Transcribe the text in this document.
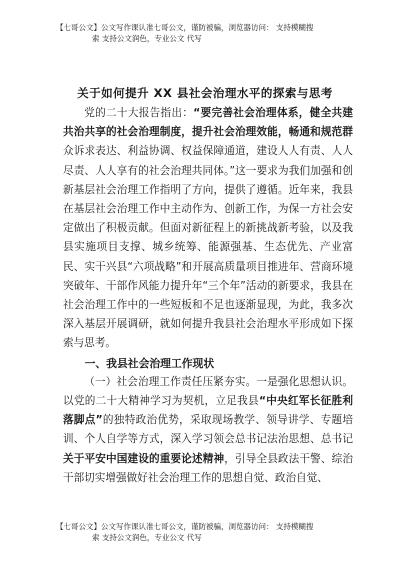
【七哥公文】公文写作课认准七哥公文，谨防被骗，浏览器访问： 支持模糊搜
索 支持公文润色，专业公文 代写
关于如何提升 XX 县社会治理水平的探索与思考

党的二十大报告指出：“要完善社会治理体系，健全共建共治共享的社会治理制度，提升社会治理效能，畅通和规范群众诉求表达、利益协调、权益保障通道，建设人人有责、人人尽责、人人享有的社会治理共同体。”这一要求为我们加强和创新基层社会治理工作指明了方向，提供了遵循。近年来，我县在基层社会治理工作中主动作为、创新工作，为保一方社会安定做出了积极贡献。但面对新征程上的新挑战新考验，以及我县实施项目支撑、城乡统筹、能源强基、生态优先、产业富民、实干兴县“六项战略”和开展高质量项目推进年、营商环境突破年、干部作风能力提升年“三个年”活动的新要求，我县在社会治理工作中的一些短板和不足也逐渐显现，为此，我多次深入基层开展调研，就如何提升我县社会治理水平形成如下探索与思考。

一、我县社会治理工作现状

（一）社会治理工作责任压紧夯实。一是强化思想认识。以党的二十大精神学习为契机，立足我县“中央红军长征胜利落脚点”的独特政治优势，采取现场教学、领导讲学、专题培训、个人自学等方式，深入学习领会总书记法治思想、总书记关于平安中国建设的重要论述精神，引导全县政法干警、综治干部切实增强做好社会治理工作的思想自觉、政治自觉、

【七哥公文】公文写作课认准七哥公文，谨防被骗，浏览器访问： 支持模糊搜
索 支持公文润色，专业公文 代写
